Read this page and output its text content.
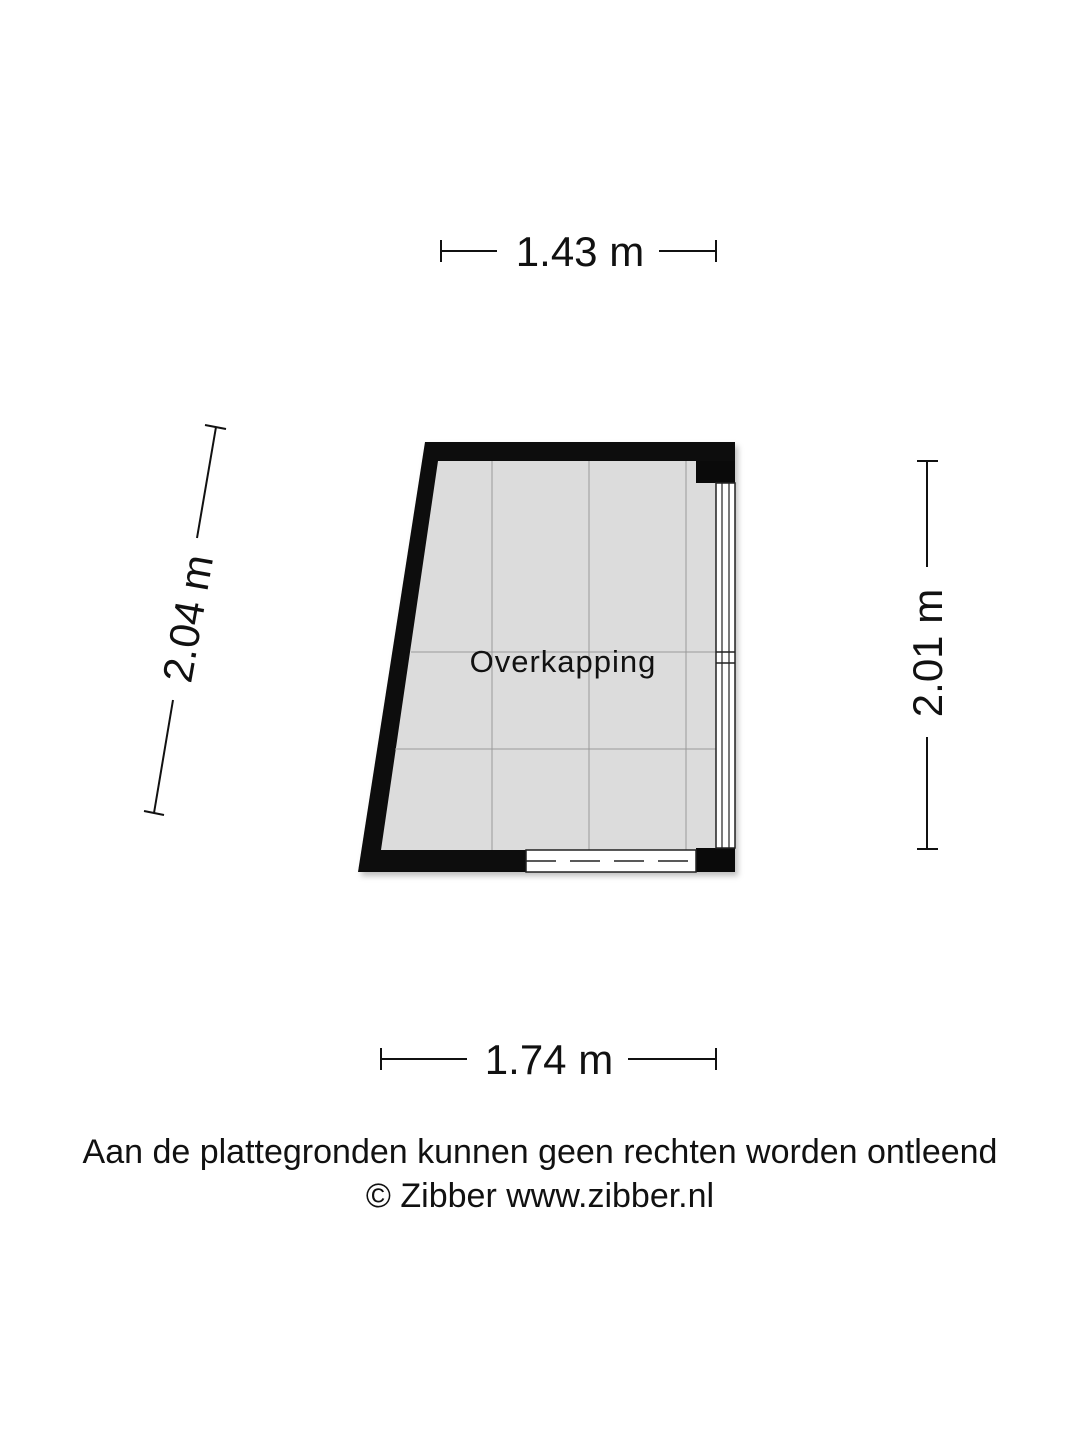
Overkapping
1.43 m
1.74 m
2.01 m
2.04 m
Aan de plattegronden kunnen geen rechten worden ontleend
© Zibber www.zibber.nl
